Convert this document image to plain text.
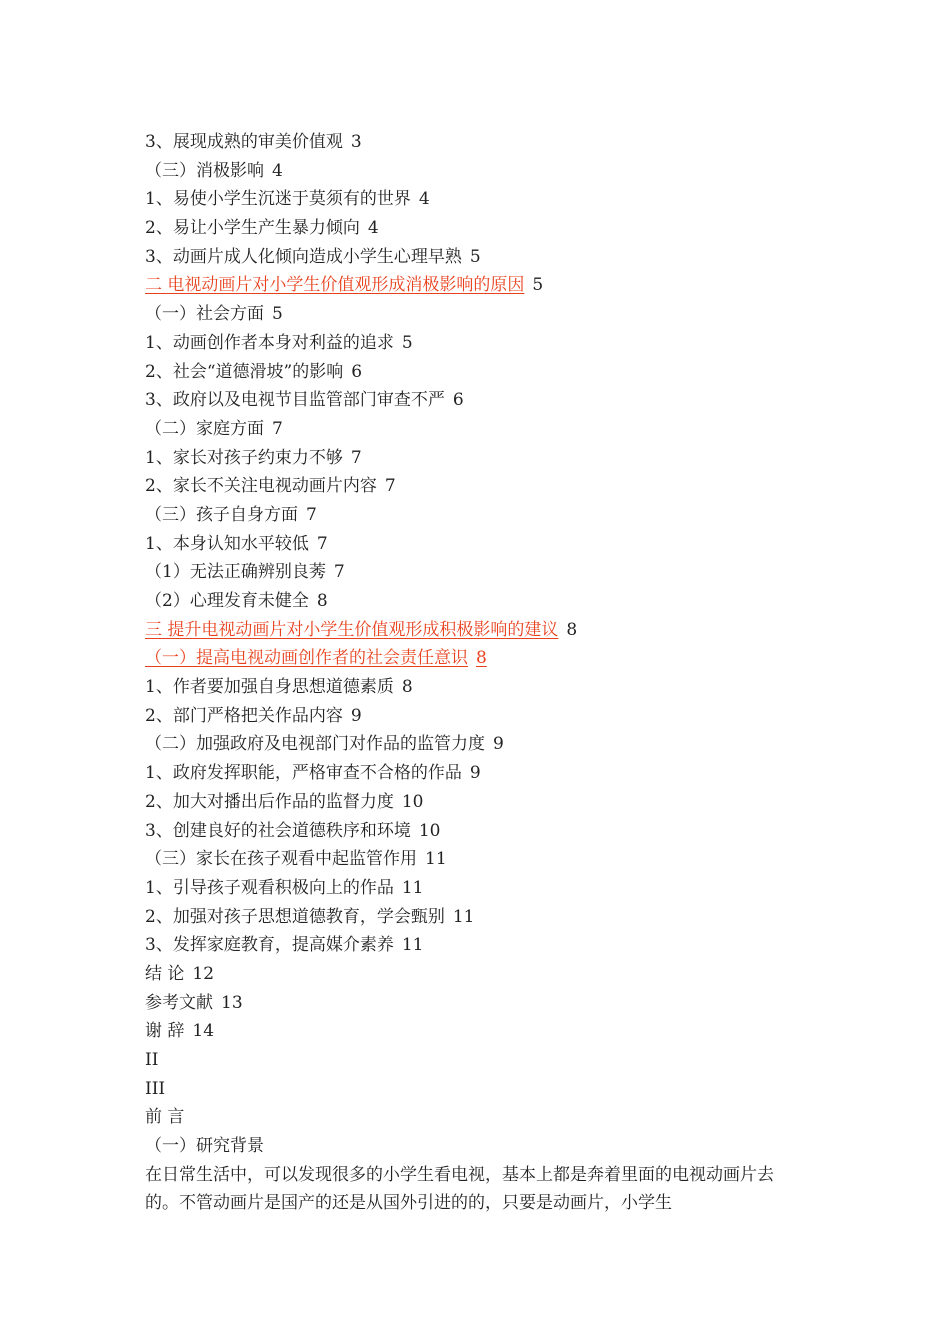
3、展现成熟的审美价值观 3
（三）消极影响 4
1、易使小学生沉迷于莫须有的世界 4
2、易让小学生产生暴力倾向 4
3、动画片成人化倾向造成小学生心理早熟 5
二 电视动画片对小学生价值观形成消极影响的原因 5
（一）社会方面 5
1、动画创作者本身对利益的追求 5
2、社会“道德滑坡”的影响 6
3、政府以及电视节目监管部门审查不严 6
（二）家庭方面 7
1、家长对孩子约束力不够 7
2、家长不关注电视动画片内容 7
（三）孩子自身方面 7
1、本身认知水平较低 7
（1）无法正确辨别良莠 7
（2）心理发育未健全 8
三 提升电视动画片对小学生价值观形成积极影响的建议 8
（一）提高电视动画创作者的社会责任意识 8
1、作者要加强自身思想道德素质 8
2、部门严格把关作品内容 9
（二）加强政府及电视部门对作品的监管力度 9
1、政府发挥职能，严格审查不合格的作品 9
2、加大对播出后作品的监督力度 10
3、创建良好的社会道德秩序和环境 10
（三）家长在孩子观看中起监管作用 11
1、引导孩子观看积极向上的作品 11
2、加强对孩子思想道德教育，学会甄别 11
3、发挥家庭教育，提高媒介素养 11
结 论 12
参考文献 13
谢 辞 14
II
III
前 言
（一）研究背景
在日常生活中，可以发现很多的小学生看电视，基本上都是奔着里面的电视动画片去的。不管动画片是国产的还是从国外引进的的，只要是动画片，小学生
